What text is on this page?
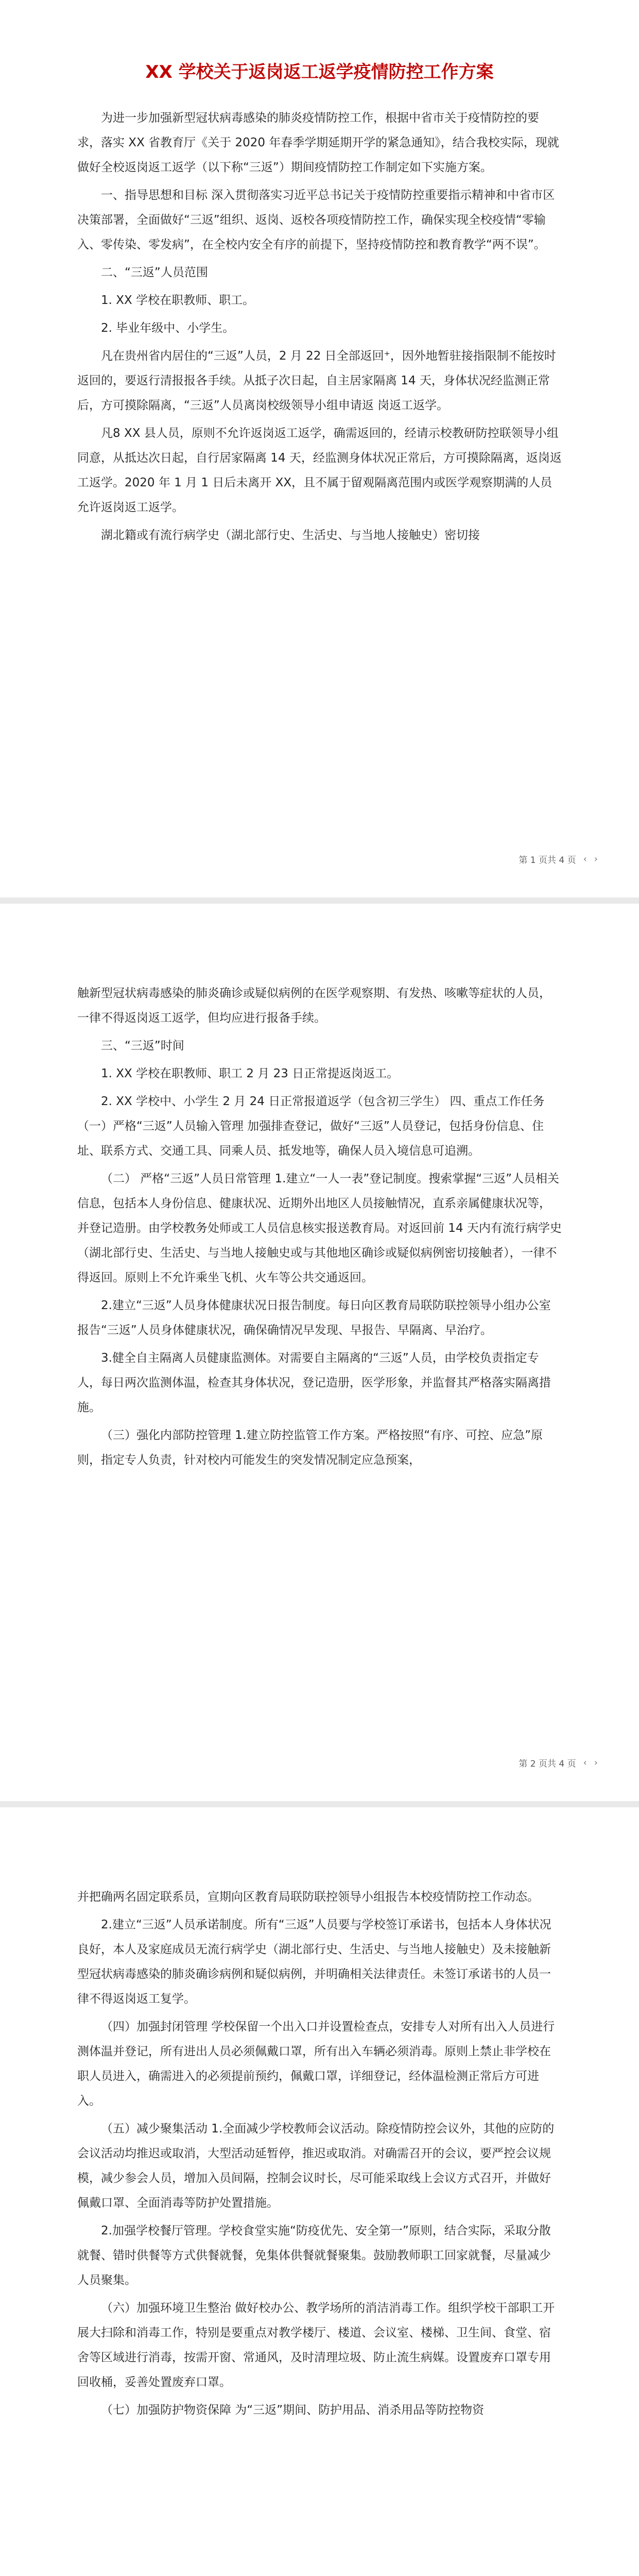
XX 学校关于返岗返工返学疫情防控工作方案

为进一步加强新型冠状病毒感染的肺炎疫情防控工作，根据中省市关于疫情防控的要求，落实 XX 省教育厅《关于 2020 年春季学期延期开学的紧急通知》，结合我校实际，现就做好全校返岗返工返学（以下称“三返”）期间疫情防控工作制定如下实施方案。

一、指导思想和目标 深入贯彻落实习近平总书记关于疫情防控重要指示精神和中省市区决策部署，全面做好“三返”组织、返岗、返校各项疫情防控工作，确保实现全校疫情“零输入、零传染、零发病”，在全校内安全有序的前提下，坚持疫情防控和教育教学“两不误”。

二、“三返”人员范围

1. XX 学校在职教师、职工。

2. 毕业年级中、小学生。

凡在贵州省内居住的“三返”人员，2 月 22 日全部返回⁺，因外地暂驻接指限制不能按时返回的，要返行清报报各手续。从抵子次日起，自主居家隔离 14 天，身体状况经监测正常后，方可摸除隔离，“三返”人员离岗校级领导小组申请返 岗返工返学。

凡8 XX 县人员，原则不允许返岗返工返学，确需返回的，经请示校教研防控联领导小组同意，从抵达次日起，自行居家隔离 14 天，经监测身体状况正常后，方可摸除隔离，返岗返工返学。2020 年 1 月 1 日后未离开 XX，且不属于留观隔离范围内或医学观察期满的人员允许返岗返工返学。

湖北籍或有流行病学史（湖北部行史、生活史、与当地人接触史）密切接

第 1 页共 4 页 ‹ ›

触新型冠状病毒感染的肺炎确诊或疑似病例的在医学观察期、有发热、咳嗽等症状的人员，一律不得返岗返工返学，但均应进行报备手续。

三、“三返”时间

1. XX 学校在职教师、职工 2 月 23 日正常提返岗返工。

2. XX 学校中、小学生 2 月 24 日正常报道返学（包含初三学生） 四、重点工作任务（一）严格“三返”人员输入管理 加强排查登记，做好“三返”人员登记，包括身份信息、住址、联系方式、交通工具、同乘人员、抵发地等，确保人员入境信息可追溯。

（二） 严格“三返”人员日常管理 1.建立“一人一表”登记制度。搜索掌握“三返”人员相关信息，包括本人身份信息、健康状况、近期外出地区人员接触情况，直系亲属健康状况等，并登记造册。由学校教务处师或工人员信息核实报送教育局。对返回前 14 天内有流行病学史（湖北部行史、生活史、与当地人接触史或与其他地区确诊或疑似病例密切接触者），一律不得返回。原则上不允许乘坐飞机、火车等公共交通返回。

2.建立“三返”人员身体健康状况日报告制度。每日向区教育局联防联控领导小组办公室报告“三返”人员身体健康状况，确保确情况早发现、早报告、早隔离、早治疗。

3.健全自主隔离人员健康监测体。对需要自主隔离的“三返”人员，由学校负责指定专人，每日两次监测体温，检查其身体状况，登记造册，医学形象，并监督其严格落实隔离措施。

（三）强化内部防控管理 1.建立防控监管工作方案。严格按照“有序、可控、应急”原则，指定专人负责，针对校内可能发生的突发情况制定应急预案，

第 2 页共 4 页 ‹ ›

并把确两名固定联系员，宣期向区教育局联防联控领导小组报告本校疫情防控工作动态。

2.建立“三返”人员承诺制度。所有“三返”人员要与学校签订承诺书，包括本人身体状况良好，本人及家庭成员无流行病学史（湖北部行史、生活史、与当地人接触史）及未接触新型冠状病毒感染的肺炎确诊病例和疑似病例，并明确相关法律责任。未签订承诺书的人员一律不得返岗返工复学。

（四）加强封闭管理 学校保留一个出入口并设置检查点，安排专人对所有出入人员进行测体温并登记，所有进出人员必须佩戴口罩，所有出入车辆必须消毒。原则上禁止非学校在职人员进入，确需进入的必须提前预约，佩戴口罩，详细登记，经体温检测正常后方可进入。

（五）减少聚集活动 1.全面减少学校教师会议活动。除疫情防控会议外，其他的应防的会议活动均推迟或取消，大型活动延暂停，推迟或取消。对确需召开的会议，要严控会议规模，减少参会人员，增加入员间隔，控制会议时长，尽可能采取线上会议方式召开，并做好佩戴口罩、全面消毒等防护处置措施。

2.加强学校餐厅管理。学校食堂实施“防疫优先、安全第一”原则，结合实际，采取分散就餐、错时供餐等方式供餐就餐，免集体供餐就餐聚集。鼓励教师职工回家就餐，尽量减少人员聚集。

（六）加强环境卫生整治 做好校办公、教学场所的消洁消毒工作。组织学校干部职工开展大扫除和消毒工作，特别是要重点对教学楼厅、楼道、会议室、楼梯、卫生间、食堂、宿舍等区域进行消毒，按需开窗、常通风，及时清理垃圾、防止流生病媒。设置废弃口罩专用回收桶，妥善处置废弃口罩。

（七）加强防护物资保障 为“三返”期间、防护用品、消杀用品等防控物资
